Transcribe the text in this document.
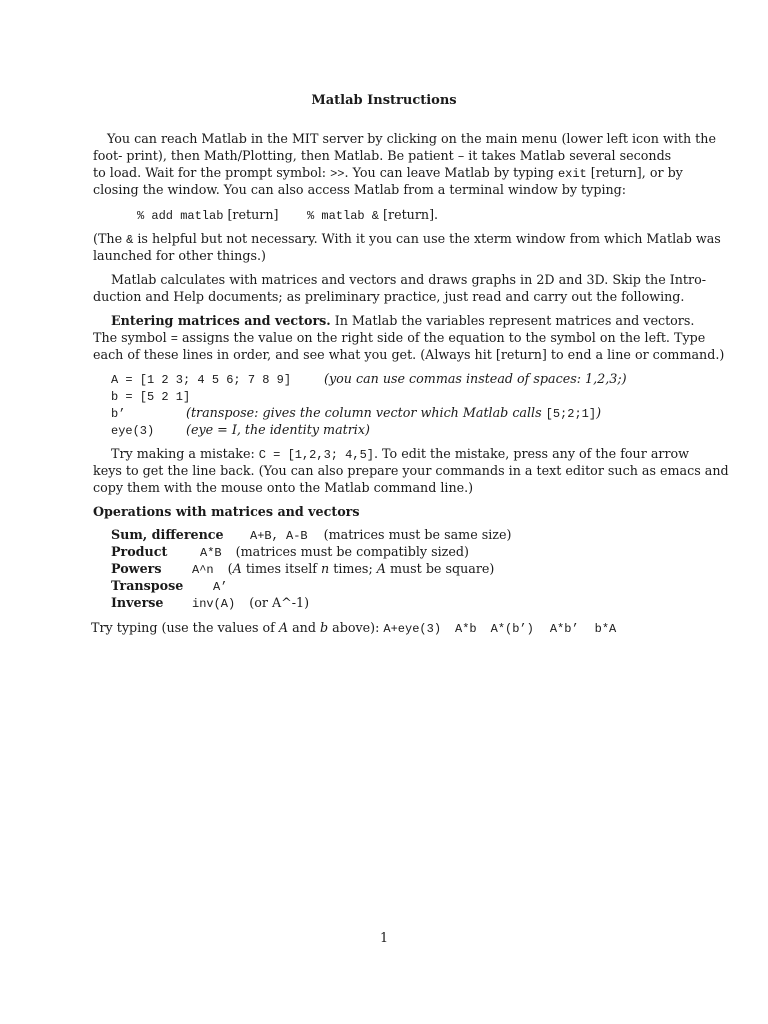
Matlab Instructions
You can reach Matlab in the MIT server by clicking on the main menu (lower left icon with the
foot- print), then Math/Plotting, then Matlab. Be patient – it takes Matlab several seconds
to load. Wait for the prompt symbol: >>. You can leave Matlab by typing exit [return], or by
closing the window. You can also access Matlab from a terminal window by typing:
% add matlab [return] % matlab & [return].
(The & is helpful but not necessary. With it you can use the xterm window from which Matlab was
launched for other things.)
Matlab calculates with matrices and vectors and draws graphs in 2D and 3D. Skip the Intro-
duction and Help documents; as preliminary practice, just read and carry out the following.
Entering matrices and vectors. In Matlab the variables represent matrices and vectors.
The symbol = assigns the value on the right side of the equation to the symbol on the left. Type
each of these lines in order, and see what you get. (Always hit [return] to end a line or command.)
A = [1 2 3; 4 5 6; 7 8 9]	(you can use commas instead of spaces: 1,2,3;)
b = [5 2 1]
b’	(transpose: gives the column vector which Matlab calls [5;2;1])
eye(3)	(eye = I, the identity matrix)
Try making a mistake: C = [1,2,3; 4,5]. To edit the mistake, press any of the four arrow
keys to get the line back. (You can also prepare your commands in a text editor such as emacs and
copy them with the mouse onto the Matlab command line.)
Operations with matrices and vectors
Sum, difference A+B, A-B (matrices must be same size)
Product	A*B (matrices must be compatibly sized)
Powers	A^n (A times itself n times; A must be square)
Transpose A’
Inverse inv(A) (or A^-1)
Try typing (use the values of A and b above): A+eye(3) A*b A*(b’) A*b’ b*A
1
